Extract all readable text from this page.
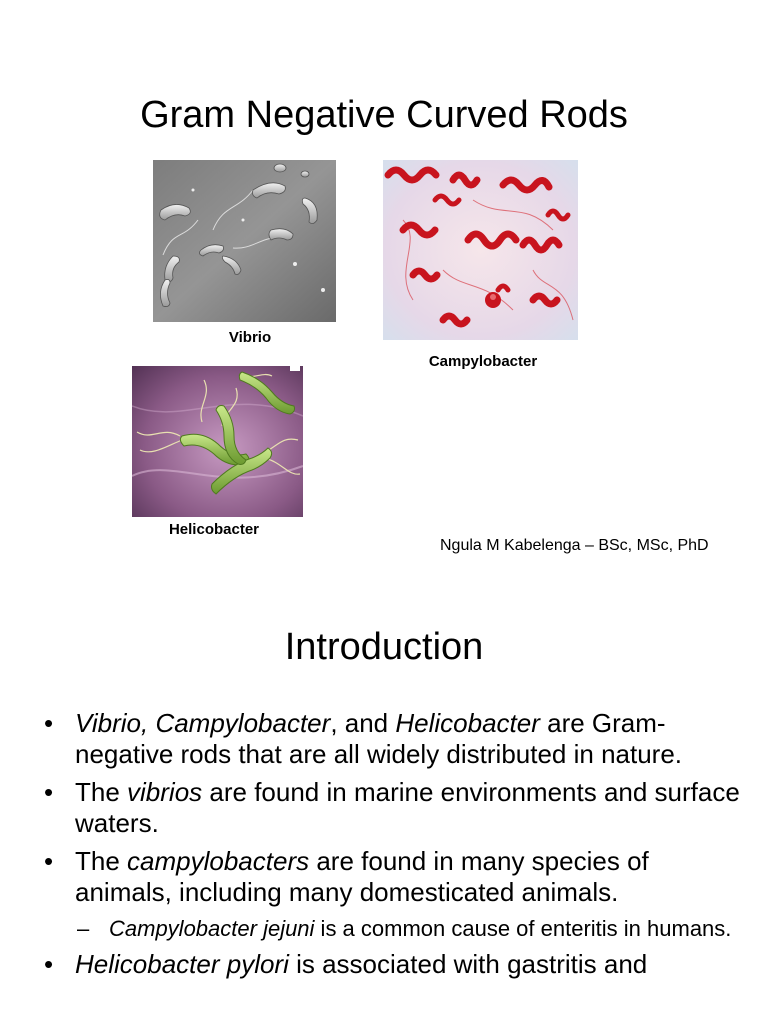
Gram Negative Curved Rods
Vibrio
Campylobacter
Helicobacter
Ngula M Kabelenga – BSc, MSc, PhD
Introduction
• Vibrio, Campylobacter, and Helicobacter are Gram-negative rods that are all widely distributed in nature.
• The vibrios are found in marine environments and surface waters.
• The campylobacters are found in many species of animals, including many domesticated animals.
– Campylobacter jejuni is a common cause of enteritis in humans.
• Helicobacter pylori is associated with gastritis and
